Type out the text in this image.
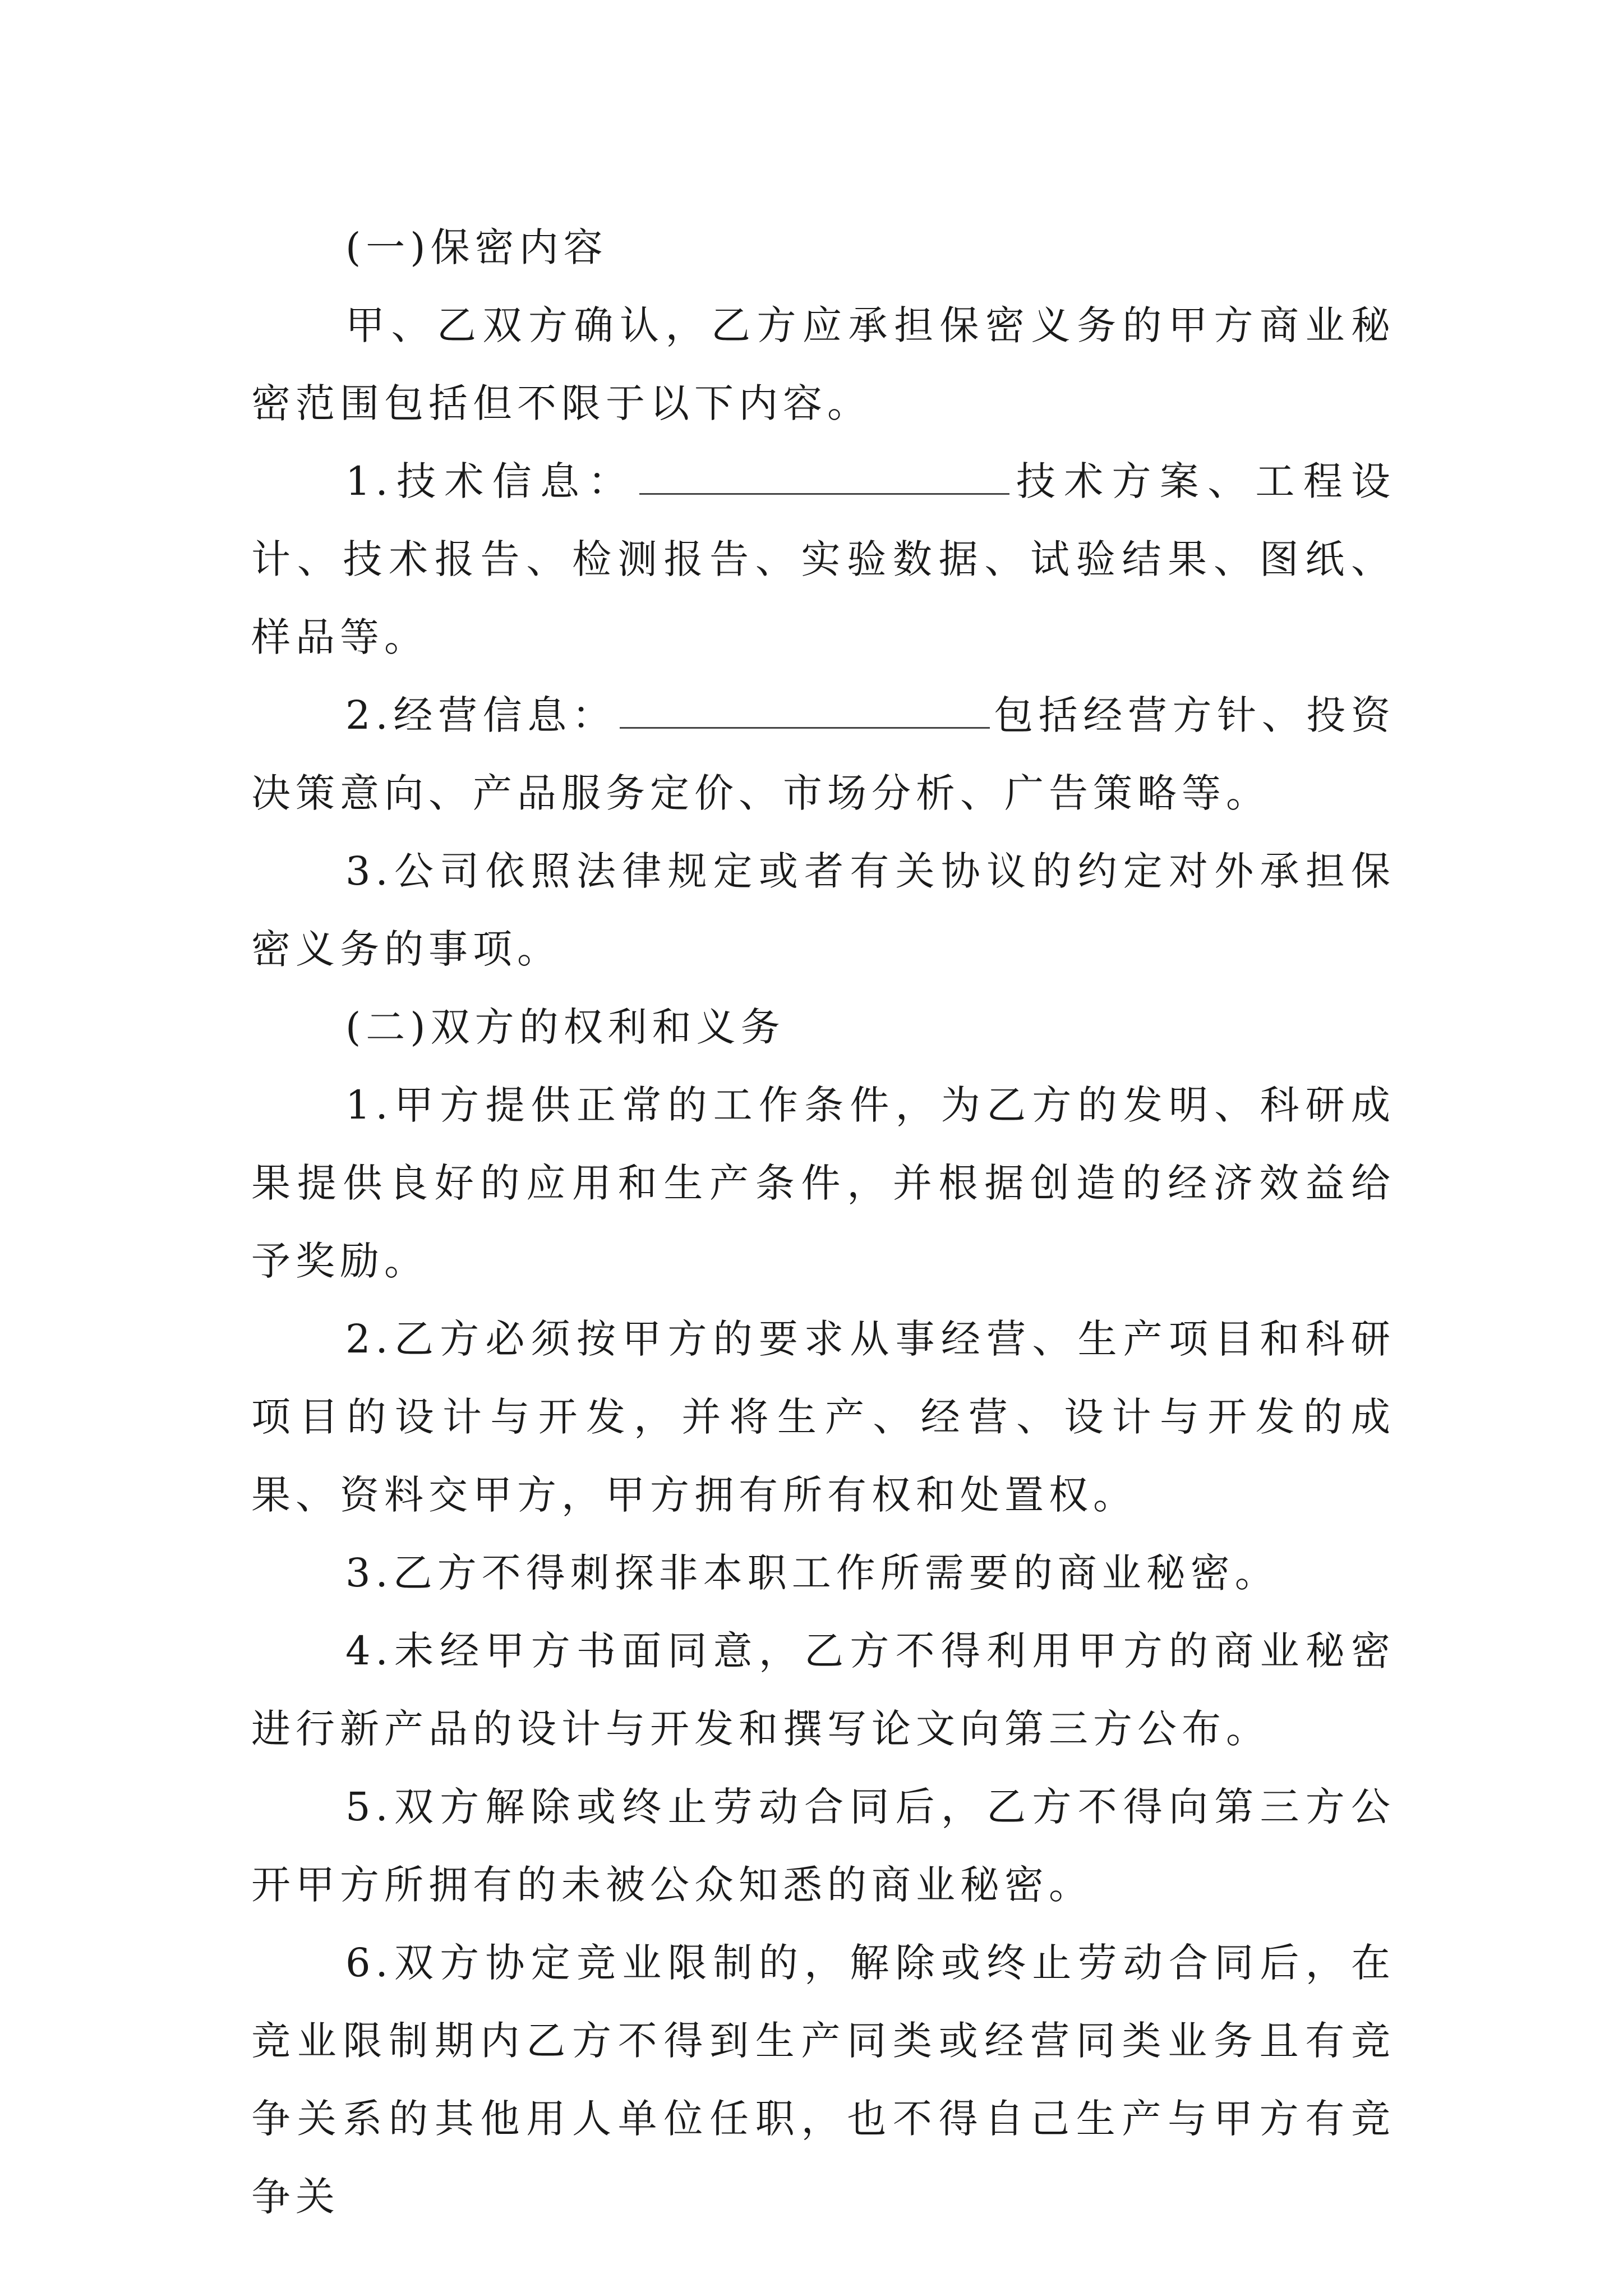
(一)保密内容

甲、乙双方确认，乙方应承担保密义务的甲方商业秘密范围包括但不限于以下内容。

1.技术信息：	技术方案、工程设计、技术报告、检测报告、实验数据、试验结果、图纸、样品等。

2.经营信息：	包括经营方针、投资决策意向、产品服务定价、市场分析、广告策略等。

3.公司依照法律规定或者有关协议的约定对外承担保密义务的事项。

(二)双方的权利和义务

1.甲方提供正常的工作条件，为乙方的发明、科研成果提供良好的应用和生产条件，并根据创造的经济效益给予奖励。

2.乙方必须按甲方的要求从事经营、生产项目和科研项目的设计与开发，并将生产、经营、设计与开发的成果、资料交甲方，甲方拥有所有权和处置权。

3.乙方不得刺探非本职工作所需要的商业秘密。

4.未经甲方书面同意，乙方不得利用甲方的商业秘密进行新产品的设计与开发和撰写论文向第三方公布。

5.双方解除或终止劳动合同后，乙方不得向第三方公开甲方所拥有的未被公众知悉的商业秘密。

6.双方协定竞业限制的，解除或终止劳动合同后，在竞业限制期内乙方不得到生产同类或经营同类业务且有竞争关系的其他用人单位任职，也不得自己生产与甲方有竞争关
